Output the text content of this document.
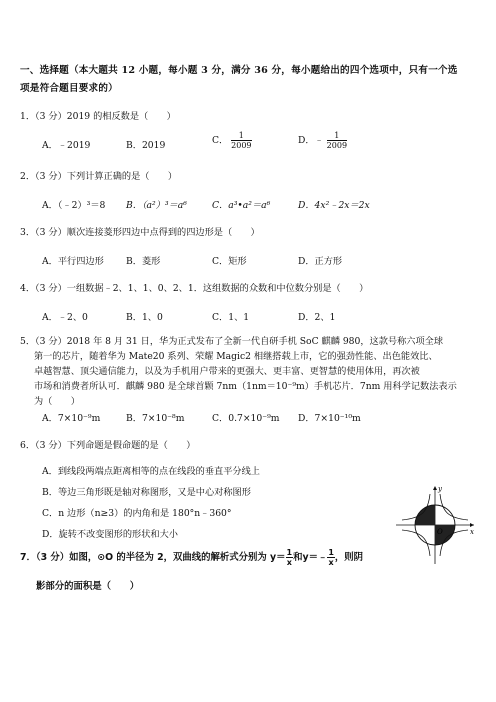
一、选择题（本大题共 12 小题，每小题 3 分，满分 36 分，每小题给出的四个选项中，只有一个选
项是符合题目要求的）
1．（3 分）2019 的相反数是（　　）
A．﹣2019	B．2019	C． $\frac{1}{2009}$	D．﹣ $\frac{1}{2009}$
2．（3 分）下列计算正确的是（　　）
A．（﹣2）³＝8 B．（a²）³＝a⁶	C．a³•a²＝a⁶	D．4x²﹣2x＝2x
3．（3 分）顺次连接菱形四边中点得到的四边形是（　　）
A．平行四边形 B．菱形	C．矩形	D．正方形
4．（3 分）一组数据﹣2、1、1、0、2、1．这组数据的众数和中位数分别是（　　）
A．﹣2、0	B．1、0	C．1、1	D．2、1
5．（3 分）2018 年 8 月 31 日，华为正式发布了全新一代自研手机 SoC 麒麟 980，这款号称六项全球
第一的芯片，随着华为 Mate20 系列、荣耀 Magic2 相继搭载上市，它的强劲性能、出色能效比、
卓越智慧、顶尖通信能力，以及为手机用户带来的更强大、更丰富、更智慧的使用体用，再次被
市场和消费者所认可．麒麟 980 是全球首颗 7nm（1nm＝10⁻⁹m）手机芯片．7nm 用科学记数法表示
为（　　）
A．7×10⁻⁹m	B．7×10⁻⁸m	C．0.7×10⁻⁹m D．7×10⁻¹⁰m
6．（3 分）下列命题是假命题的是（　　）
A．到线段两端点距离相等的点在线段的垂直平分线上
B．等边三角形既是轴对称图形，又是中心对称图形
C．n 边形（n≥3）的内角和是 180°n﹣360°
D．旋转不改变图形的形状和大小
7．（3 分）如图，⊙O 的半径为 2，双曲线的解析式分别为 $y= \frac{1}{x}$ 和y＝﹣ $\frac{1}{x}$ ，则阴
影部分的面积是（　　）
x
y
O
